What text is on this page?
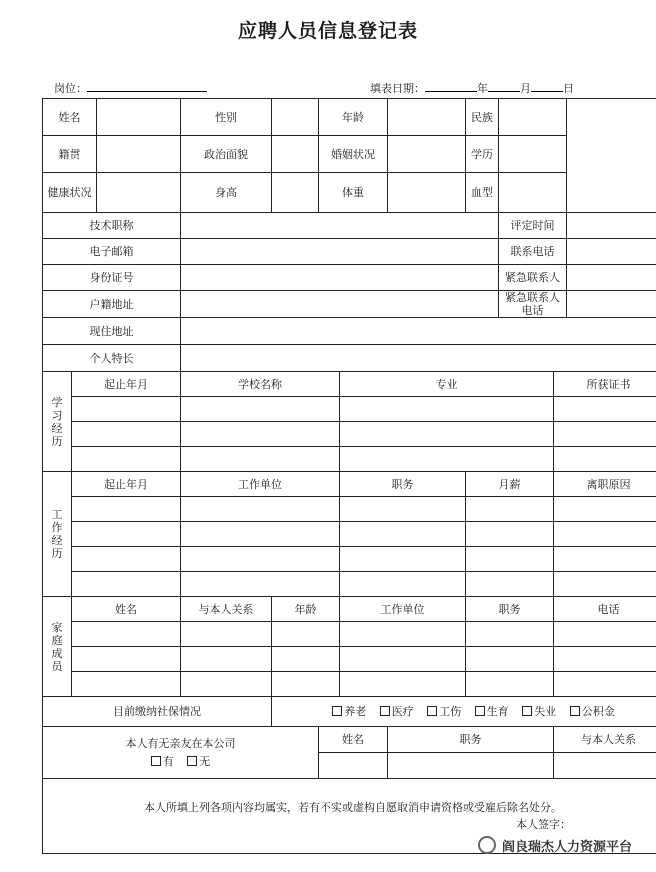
应聘人员信息登记表
岗位：	填表日期：	年	月	日
姓名			性别		年龄			民族			
籍贯			政治面貌		婚姻状况			学历			
健康状况			身高		体重			血型			
技术职称									评定时间		
电子邮箱									联系电话		
身份证号									紧急联系人		
户籍地址									紧急联系人电话		
现住地址											
个人特长											
学
习
经
历	起止年月		学校名称			专业				所获证书	

工
作
经
历	起止年月		工作单位			职务		月薪		离职原因	

家
庭
成
员	姓名		与本人关系	年龄		工作单位		职务		电话	

目前缴纳社保情况				养老 医疗 工伤 生育 失业 公积金							

本人有无亲友在本公司
有 无					姓名		职务			与本人关系	

本人所填上列各项内容均属实，若有不实或虚构自愿取消申请资格或受雇后除名处分。
本人签字：											
阎良瑞杰人力资源平台
